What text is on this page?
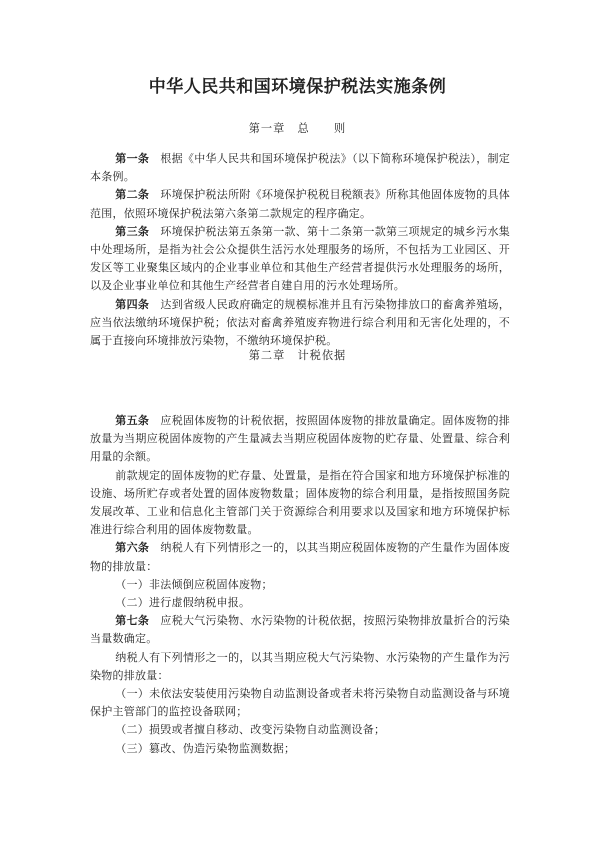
中华人民共和国环境保护税法实施条例
第一章　总　　则

第一条　根据《中华人民共和国环境保护税法》（以下简称环境保护税法），制定本条例。

第二条　环境保护税法所附《环境保护税税目税额表》所称其他固体废物的具体范围，依照环境保护税法第六条第二款规定的程序确定。

第三条　环境保护税法第五条第一款、第十二条第一款第三项规定的城乡污水集中处理场所，是指为社会公众提供生活污水处理服务的场所，不包括为工业园区、开发区等工业聚集区域内的企业事业单位和其他生产经营者提供污水处理服务的场所，以及企业事业单位和其他生产经营者自建自用的污水处理场所。

第四条　达到省级人民政府确定的规模标准并且有污染物排放口的畜禽养殖场，应当依法缴纳环境保护税；依法对畜禽养殖废弃物进行综合利用和无害化处理的，不属于直接向环境排放污染物，不缴纳环境保护税。

第二章　计税依据

第五条　应税固体废物的计税依据，按照固体废物的排放量确定。固体废物的排放量为当期应税固体废物的产生量减去当期应税固体废物的贮存量、处置量、综合利用量的余额。

前款规定的固体废物的贮存量、处置量，是指在符合国家和地方环境保护标准的设施、场所贮存或者处置的固体废物数量；固体废物的综合利用量，是指按照国务院发展改革、工业和信息化主管部门关于资源综合利用要求以及国家和地方环境保护标准进行综合利用的固体废物数量。

第六条　纳税人有下列情形之一的，以其当期应税固体废物的产生量作为固体废物的排放量：

（一）非法倾倒应税固体废物；

（二）进行虚假纳税申报。

第七条　应税大气污染物、水污染物的计税依据，按照污染物排放量折合的污染当量数确定。

纳税人有下列情形之一的，以其当期应税大气污染物、水污染物的产生量作为污染物的排放量：

（一）未依法安装使用污染物自动监测设备或者未将污染物自动监测设备与环境保护主管部门的监控设备联网；

（二）损毁或者擅自移动、改变污染物自动监测设备；

（三）篡改、伪造污染物监测数据；
